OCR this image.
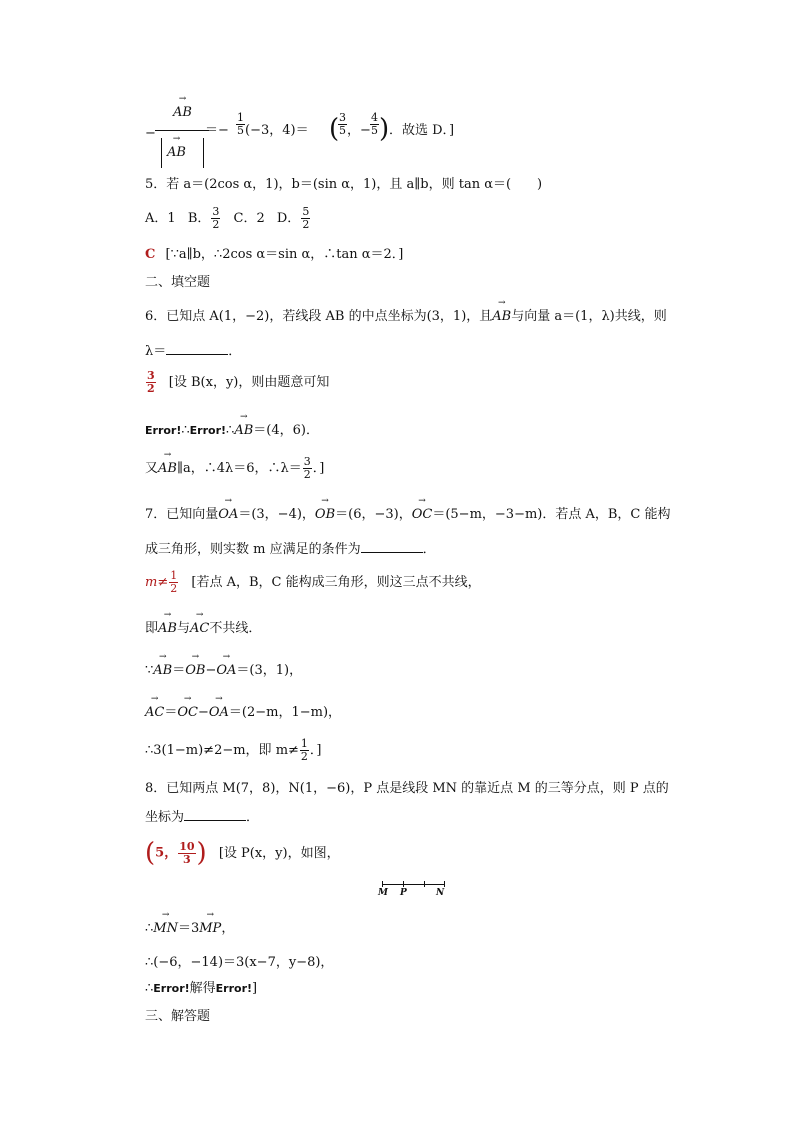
−
→ AB
→ AB
＝− $\frac{1}{5} (-3$，4)＝ (
$\frac{3}{5}$ ，− $\frac{4}{5}$ ) ．故选 D．]
5．若 a＝(2cos α，1)，b＝(sin α，1)，且 a∥b，则 tan α＝(　　)
A．1 B． $\frac{3}{2}$ C．2 D． $\frac{5}{2}$
C [∵a∥b，∴2cos α＝sin α，∴tan α＝2．]
二、填空题
6．已知点 A(1，−2)，若线段 AB 的中点坐标为(3，1)，且→ AB与向量 a＝(1，λ)共线，则
λ＝	．
$\frac{3}{2}$ [设 B(x，y)，则由题意可知
Error!∴Error!∴→ AB＝(4，6)．
又→ AB∥a，∴4λ＝6，∴λ＝ $\frac{3}{2}$ ．]
7．已知向量→ OA＝(3，−4)，→ OB＝(6，−3)，→ OC＝(5−m，−3−m)．若点 A，B，C 能构
成三角形，则实数 m 应满足的条件为	．
$m\ne \frac{1}{2}$ [若点 A，B，C 能构成三角形，则这三点不共线，
即→ AB与→ AC不共线．
∵→ AB＝→ OB−→ OA＝(3，1)，
→ AC＝→ OC−→ OA＝(2−m，1−m)，
∴3(1−m)≠2−m，即 $m\ne \frac{1}{2}$ ．]
8．已知两点 M(7，8)，N(1，−6)，P 点是线段 MN 的靠近点 M 的三等分点，则 P 点的
坐标为	．
(5， $\frac{10}{3}$ ) [设 P(x，y)，如图，
M P	N
∴→ MN＝3→ MP，
∴(−6，−14)＝3(x−7，y−8)，
∴Error!解得Error!]
三、解答题
